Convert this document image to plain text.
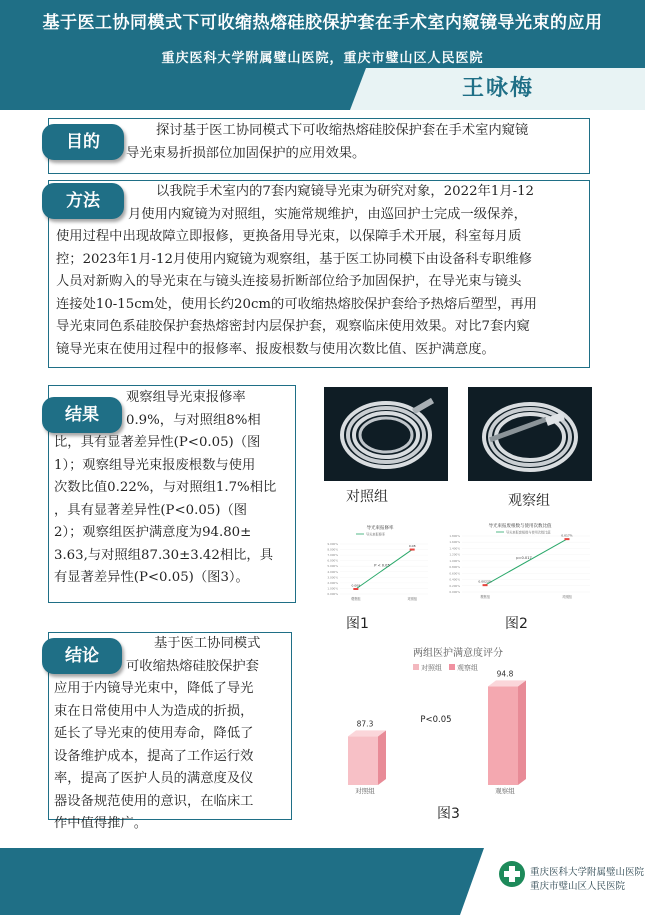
基于医工协同模式下可收缩热熔硅胶保护套在手术室内窥镜导光束的应用
重庆医科大学附属璧山医院，重庆市璧山区人民医院
王咏梅
目的
探讨基于医工协同模式下可收缩热熔硅胶保护套在手术室内窥镜
导光束易折损部位加固保护的应用效果。
方法	以我院手术室内的7套内窥镜导光束为研究对象，2022年1月-12
月使用内窥镜为对照组，实施常规维护，由巡回护士完成一级保养，
使用过程中出现故障立即报修，更换备用导光束，以保障手术开展，科室每月质
控；2023年1月-12月使用内窥镜为观察组，基于医工协同模下由设备科专职维修
人员对新购入的导光束在与镜头连接易折断部位给予加固保护，在导光束与镜头
连接处10-15cm处，使用长约20cm的可收缩热熔胶保护套给予热熔后塑型，再用
导光束同色系硅胶保护套热熔密封内层保护套，观察临床使用效果。对比7套内窥
镜导光束在使用过程中的报修率、报废根数与使用次数比值、医护满意度。
结果
观察组导光束报修率
0.9%，与对照组8%相
比，具有显著差异性(P<0.05)（图
1）；观察组导光束报废根数与使用
次数比值0.22%，与对照组1.7%相比
，具有显著差异性(P<0.05)（图
2）；观察组医护满意度为94.80±
3.63,与对照组87.30±3.42相比，具
有显著差异性(P<0.05)（图3）。
结论
基于医工协同模式
可收缩热熔硅胶保护套
应用于内镜导光束中，降低了导光
束在日常使用中人为造成的折损，
延长了导光束的使用寿命，降低了
设备维护成本，提高了工作运行效
率，提高了医护人员的满意度及仪
器设备规范使用的意识，在临床工
作中值得推广。
对照组	观察组
导光束报修率
导光束报修率
0.000%
1.000%
2.000%
3.000%
4.000%
5.000%
6.000%
7.000%
8.000%
9.000%
0.009
观察组
0.08
对照组
P < 0.05
图1
导光束报废根数与使用次数比值
导光束报废根数与使用次数比值
0.000%
0.200%
0.400%
0.600%
0.800%
1.000%
1.200%
1.400%
1.600%
1.800%
0.0022%
观察组
0.017%
对照组
p=0.017
图2
两组医护满意度评分
对照组 观察组
87.3
对照组
94.8
观察组
P<0.05
图3
重庆医科大学附属璧山医院
重庆市璧山区人民医院
